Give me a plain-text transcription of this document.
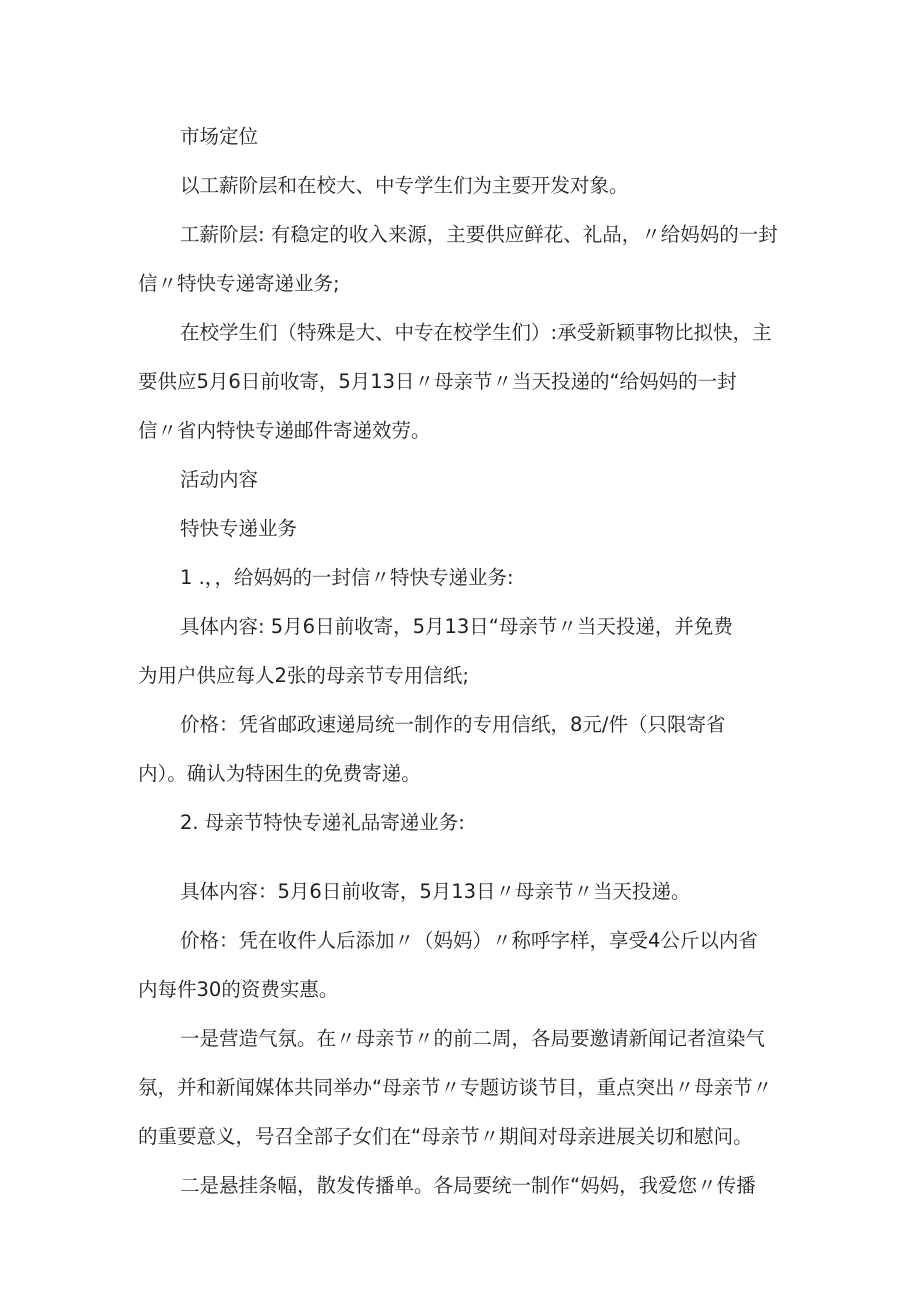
市场定位

以工薪阶层和在校大、中专学生们为主要开发对象。

工薪阶层: 有稳定的收入来源，主要供应鲜花、礼品，〃给妈妈的一封
信〃特快专递寄递业务;

在校学生们（特殊是大、中专在校学生们）:承受新颖事物比拟快，主
要供应5月6日前收寄，5月13日〃母亲节〃当天投递的“给妈妈的一封
信〃省内特快专递邮件寄递效劳。

活动内容

特快专递业务

1 .，，给妈妈的一封信〃特快专递业务:

具体内容: 5月6日前收寄，5月13日“母亲节〃当天投递，并免费
为用户供应每人2张的母亲节专用信纸;

价格：凭省邮政速递局统一制作的专用信纸，8元/件（只限寄省
内）。确认为特困生的免费寄递。

2. 母亲节特快专递礼品寄递业务:

具体内容：5月6日前收寄，5月13日〃母亲节〃当天投递。

价格：凭在收件人后添加〃（妈妈）〃称呼字样，享受4公斤以内省
内每件30的资费实惠。

一是营造气氛。在〃母亲节〃的前二周，各局要邀请新闻记者渲染气
氛，并和新闻媒体共同举办“母亲节〃专题访谈节目，重点突出〃母亲节〃
的重要意义，号召全部子女们在“母亲节〃期间对母亲进展关切和慰问。

二是悬挂条幅，散发传播单。各局要统一制作“妈妈，我爱您〃传播
